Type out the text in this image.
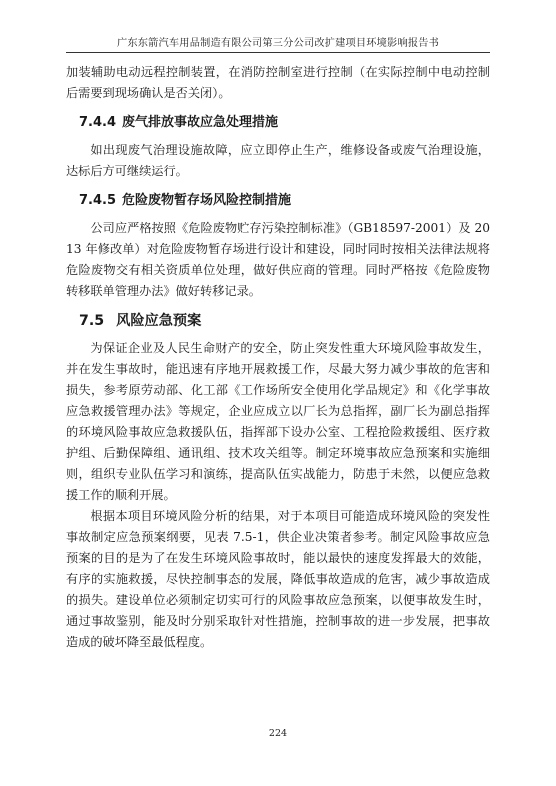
广东东箭汽车用品制造有限公司第三分公司改扩建项目环境影响报告书

加装辅助电动远程控制装置，在消防控制室进行控制（在实际控制中电动控制后需要到现场确认是否关闭）。

7.4.4 废气排放事故应急处理措施

如出现废气治理设施故障，应立即停止生产，维修设备或废气治理设施，达标后方可继续运行。

7.4.5 危险废物暂存场风险控制措施

公司应严格按照《危险废物贮存污染控制标准》（GB18597-2001）及 2013 年修改单）对危险废物暂存场进行设计和建设，同时同时按相关法律法规将危险废物交有相关资质单位处理，做好供应商的管理。同时严格按《危险废物转移联单管理办法》做好转移记录。

7.5 风险应急预案

为保证企业及人民生命财产的安全，防止突发性重大环境风险事故发生，并在发生事故时，能迅速有序地开展救援工作，尽最大努力减少事故的危害和损失，参考原劳动部、化工部《工作场所安全使用化学品规定》和《化学事故应急救援管理办法》等规定，企业应成立以厂长为总指挥，副厂长为副总指挥的环境风险事故应急救援队伍，指挥部下设办公室、工程抢险救援组、医疗救护组、后勤保障组、通讯组、技术攻关组等。制定环境事故应急预案和实施细则，组织专业队伍学习和演练，提高队伍实战能力，防患于未然，以便应急救援工作的顺利开展。

根据本项目环境风险分析的结果，对于本项目可能造成环境风险的突发性事故制定应急预案纲要，见表 7.5-1，供企业决策者参考。制定风险事故应急预案的目的是为了在发生环境风险事故时，能以最快的速度发挥最大的效能，有序的实施救援，尽快控制事态的发展，降低事故造成的危害，减少事故造成的损失。建设单位必须制定切实可行的风险事故应急预案，以便事故发生时，通过事故鉴别，能及时分别采取针对性措施，控制事故的进一步发展，把事故造成的破坏降至最低程度。

224
